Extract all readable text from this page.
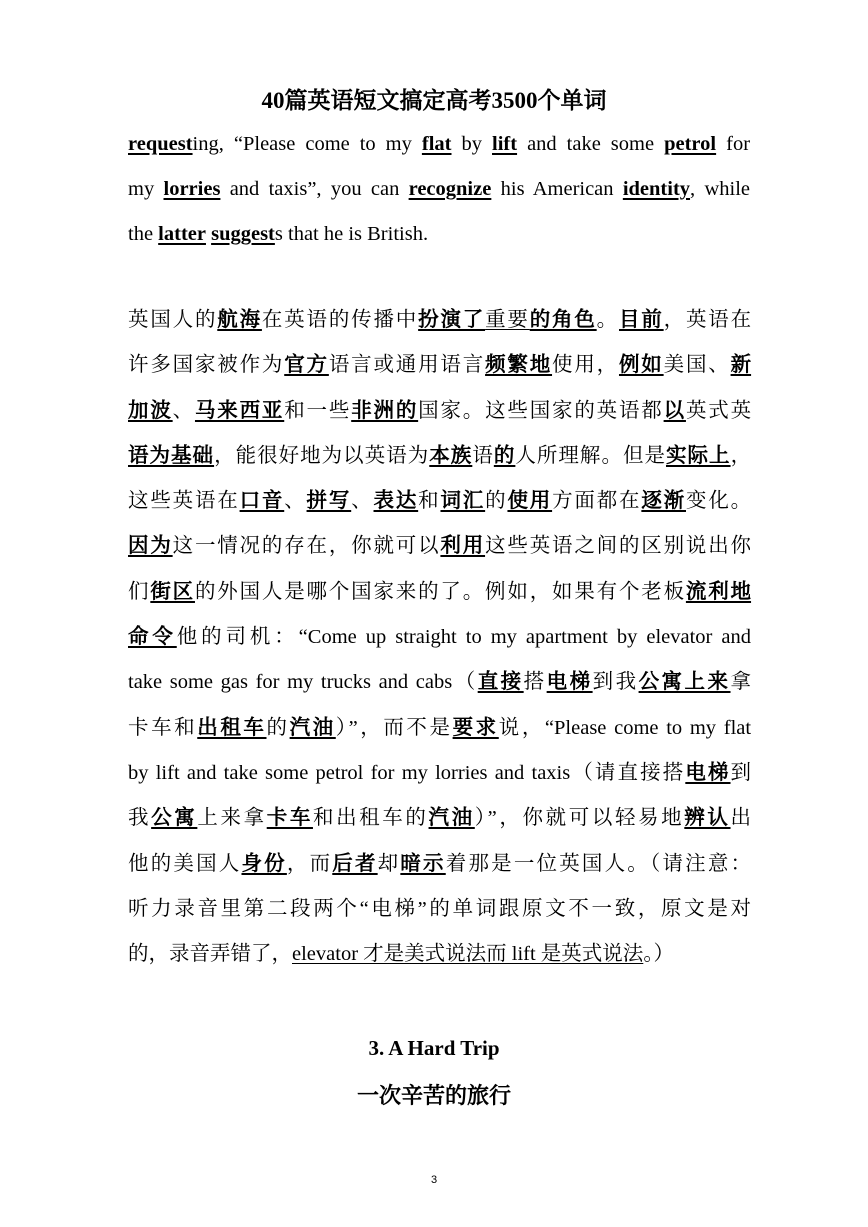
40篇英语短文搞定高考3500个单词
requesting, “Please come to my flat by lift and take some petrol for
my lorries and taxis”, you can recognize his American identity, while
the latter suggests that he is British.
英国人的航海在英语的传播中扮演了重要的角色。目前，英语在
许多国家被作为官方语言或通用语言频繁地使用，例如美国、新
加波、马来西亚和一些非洲的国家。这些国家的英语都以英式英
语为基础，能很好地为以英语为本族语的人所理解。但是实际上，
这些英语在口音、拼写、表达和词汇的使用方面都在逐渐变化。
因为这一情况的存在，你就可以利用这些英语之间的区别说出你
们街区的外国人是哪个国家来的了。例如，如果有个老板流利地
命令他的司机：“Come up straight to my apartment by elevator and
take some gas for my trucks and cabs（直接搭电梯到我公寓上来拿
卡车和出租车的汽油）”，而不是要求说，“Please come to my flat
by lift and take some petrol for my lorries and taxis（请直接搭电梯到
我公寓上来拿卡车和出租车的汽油）”，你就可以轻易地辨认出
他的美国人身份，而后者却暗示着那是一位英国人。（请注意：
听力录音里第二段两个“电梯”的单词跟原文不一致，原文是对
的，录音弄错了，elevator 才是美式说法而 lift 是英式说法。）
3. A Hard Trip
一次辛苦的旅行
3
